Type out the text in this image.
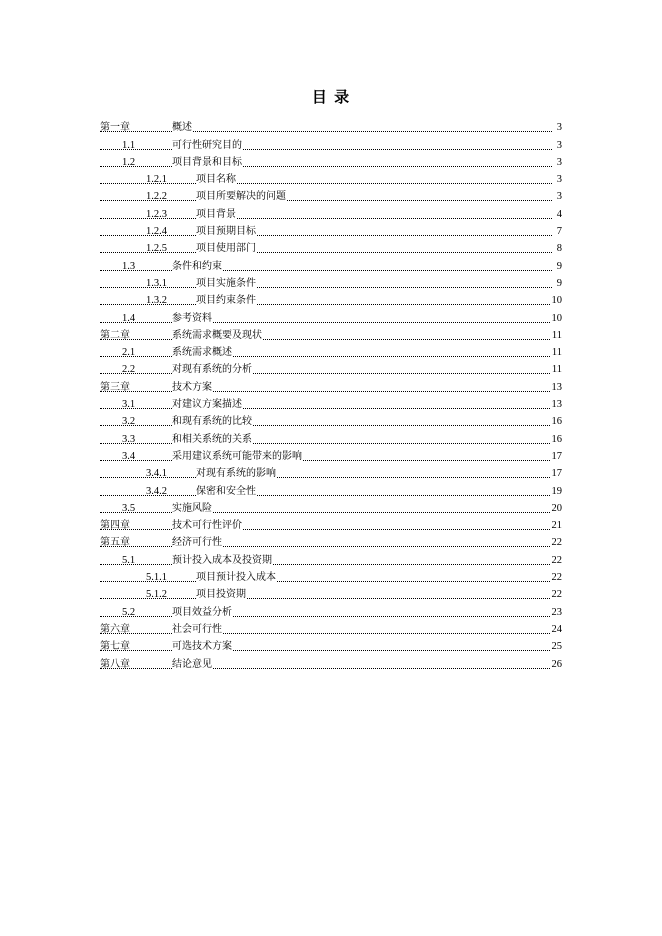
目 录
第一章	概述	3
1.1	可行性研究目的	3
1.2	项目背景和目标	3
1.2.1	项目名称	3
1.2.2	项目所要解决的问题	3
1.2.3	项目背景	4
1.2.4	项目预期目标	7
1.2.5	项目使用部门	8
1.3	条件和约束	9
1.3.1	项目实施条件	9
1.3.2	项目约束条件	10
1.4	参考资料	10
第二章	系统需求概要及现状	11
2.1	系统需求概述	11
2.2	对现有系统的分析	11
第三章	技术方案	13
3.1	对建议方案描述	13
3.2	和现有系统的比较	16
3.3	和相关系统的关系	16
3.4	采用建议系统可能带来的影响	17
3.4.1	对现有系统的影响	17
3.4.2	保密和安全性	19
3.5	实施风险	20
第四章	技术可行性评价	21
第五章	经济可行性	22
5.1	预计投入成本及投资期	22
5.1.1	项目预计投入成本	22
5.1.2	项目投资期	22
5.2	项目效益分析	23
第六章	社会可行性	24
第七章	可选技术方案	25
第八章	结论意见	26
